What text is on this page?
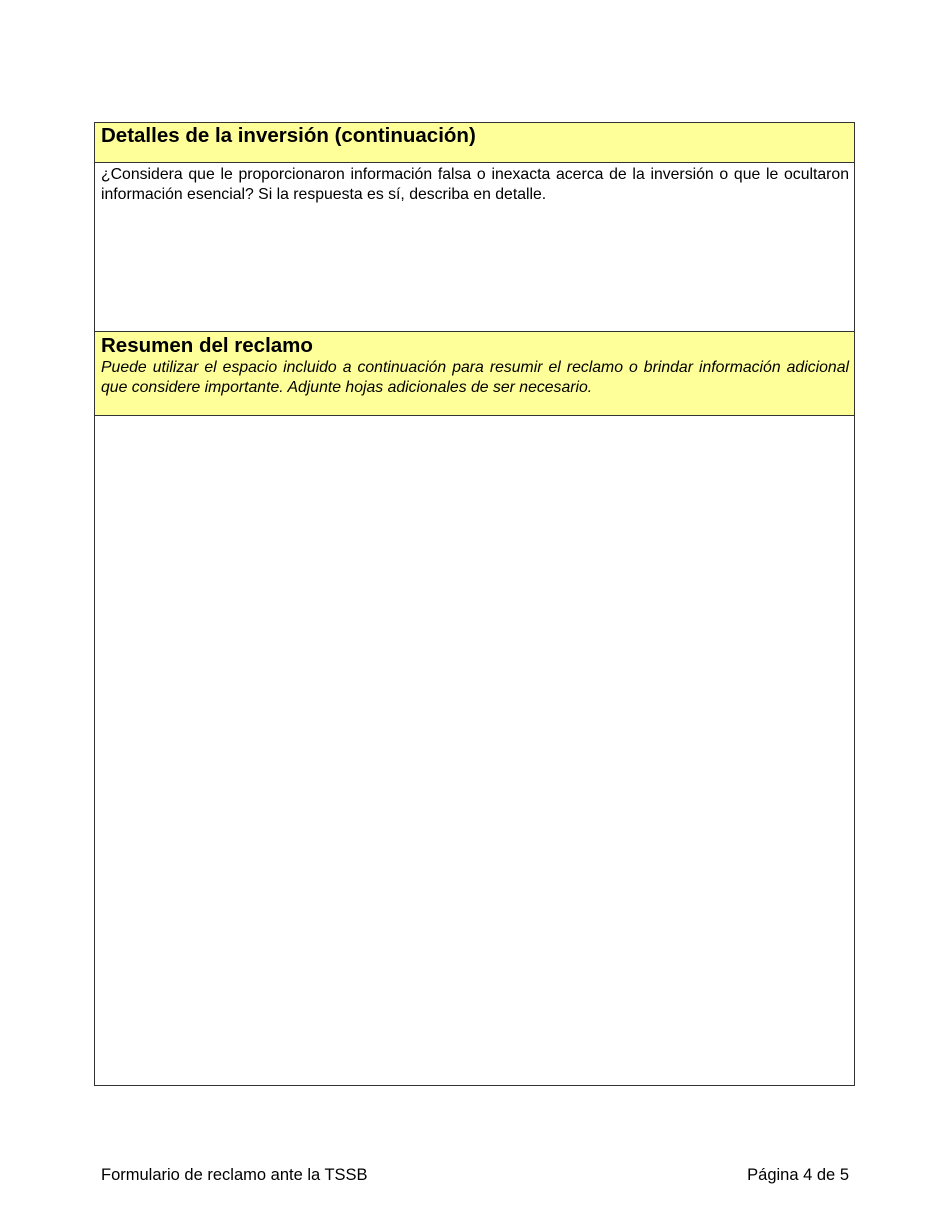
Detalles de la inversión (continuación)

¿Considera que le proporcionaron información falsa o inexacta acerca de la inversión o que le ocultaron información esencial? Si la respuesta es sí, describa en detalle.

Resumen del reclamo

Puede utilizar el espacio incluido a continuación para resumir el reclamo o brindar información adicional que considere importante. Adjunte hojas adicionales de ser necesario.

Formulario de reclamo ante la TSSB	Página 4 de 5
